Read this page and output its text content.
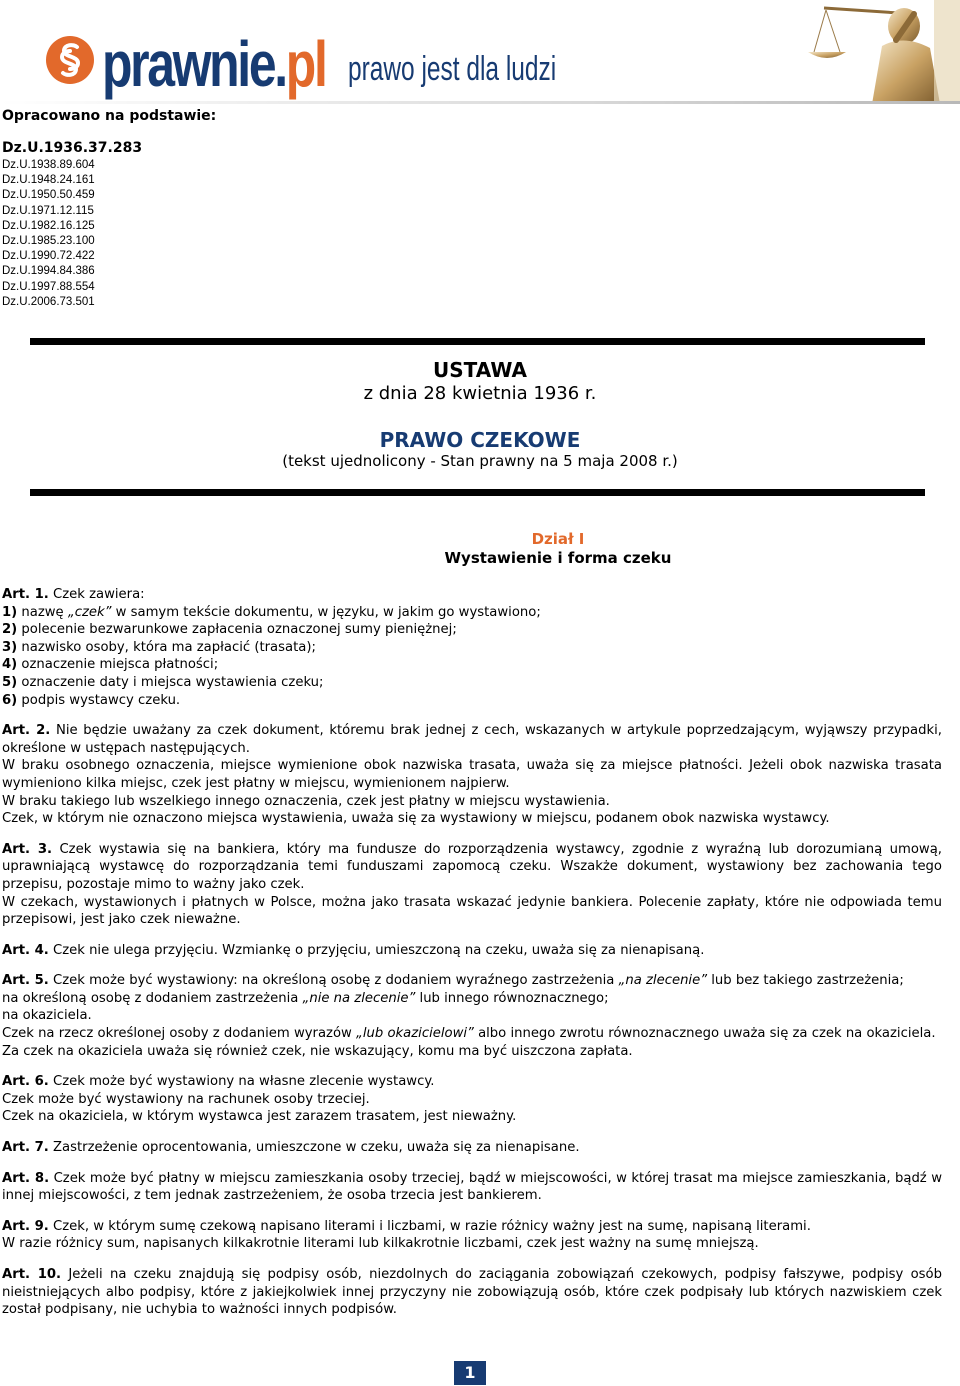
prawnie.pl prawo jest dla ludzi
Opracowano na podstawie:
Dz.U.1936.37.283
Dz.U.1938.89.604
Dz.U.1948.24.161
Dz.U.1950.50.459
Dz.U.1971.12.115
Dz.U.1982.16.125
Dz.U.1985.23.100
Dz.U.1990.72.422
Dz.U.1994.84.386
Dz.U.1997.88.554
Dz.U.2006.73.501
USTAWA
z dnia 28 kwietnia 1936 r.
PRAWO CZEKOWE
(tekst ujednolicony - Stan prawny na 5 maja 2008 r.)
Dział I
Wystawienie i forma czeku

Art. 1. Czek zawiera:

1) nazwę „czek” w samym tekście dokumentu, w języku, w jakim go wystawiono;

2) polecenie bezwarunkowe zapłacenia oznaczonej sumy pieniężnej;

3) nazwisko osoby, która ma zapłacić (trasata);

4) oznaczenie miejsca płatności;

5) oznaczenie daty i miejsca wystawienia czeku;

6) podpis wystawcy czeku.

Art. 2. Nie będzie uważany za czek dokument, któremu brak jednej z cech, wskazanych w artykule poprzedzającym, wyjąwszy przypadki, określone w ustępach następujących.

W braku osobnego oznaczenia, miejsce wymienione obok nazwiska trasata, uważa się za miejsce płatności. Jeżeli obok nazwiska trasata wymieniono kilka miejsc, czek jest płatny w miejscu, wymienionem najpierw.

W braku takiego lub wszelkiego innego oznaczenia, czek jest płatny w miejscu wystawienia.

Czek, w którym nie oznaczono miejsca wystawienia, uważa się za wystawiony w miejscu, podanem obok nazwiska wystawcy.

Art. 3. Czek wystawia się na bankiera, który ma fundusze do rozporządzenia wystawcy, zgodnie z wyraźną lub dorozumianą umową, uprawniającą wystawcę do rozporządzania temi funduszami zapomocą czeku. Wszakże dokument, wystawiony bez zachowania tego przepisu, pozostaje mimo to ważny jako czek.

W czekach, wystawionych i płatnych w Polsce, można jako trasata wskazać jedynie bankiera. Polecenie zapłaty, które nie odpowiada temu przepisowi, jest jako czek nieważne.

Art. 4. Czek nie ulega przyjęciu. Wzmiankę o przyjęciu, umieszczoną na czeku, uważa się za nienapisaną.

Art. 5. Czek może być wystawiony: na określoną osobę z dodaniem wyraźnego zastrzeżenia „na zlecenie” lub bez takiego zastrzeżenia;

na określoną osobę z dodaniem zastrzeżenia „nie na zlecenie” lub innego równoznacznego;

na okaziciela.

Czek na rzecz określonej osoby z dodaniem wyrazów „lub okazicielowi” albo innego zwrotu równoznacznego uważa się za czek na okaziciela.

Za czek na okaziciela uważa się również czek, nie wskazujący, komu ma być uiszczona zapłata.

Art. 6. Czek może być wystawiony na własne zlecenie wystawcy.

Czek może być wystawiony na rachunek osoby trzeciej.

Czek na okaziciela, w którym wystawca jest zarazem trasatem, jest nieważny.

Art. 7. Zastrzeżenie oprocentowania, umieszczone w czeku, uważa się za nienapisane.

Art. 8. Czek może być płatny w miejscu zamieszkania osoby trzeciej, bądź w miejscowości, w której trasat ma miejsce zamieszkania, bądź w innej miejscowości, z tem jednak zastrzeżeniem, że osoba trzecia jest bankierem.

Art. 9. Czek, w którym sumę czekową napisano literami i liczbami, w razie różnicy ważny jest na sumę, napisaną literami.

W razie różnicy sum, napisanych kilkakrotnie literami lub kilkakrotnie liczbami, czek jest ważny na sumę mniejszą.

Art. 10. Jeżeli na czeku znajdują się podpisy osób, niezdolnych do zaciągania zobowiązań czekowych, podpisy fałszywe, podpisy osób nieistniejących albo podpisy, które z jakiejkolwiek innej przyczyny nie zobowiązują osób, które czek podpisały lub których nazwiskiem czek został podpisany, nie uchybia to ważności innych podpisów.

1
